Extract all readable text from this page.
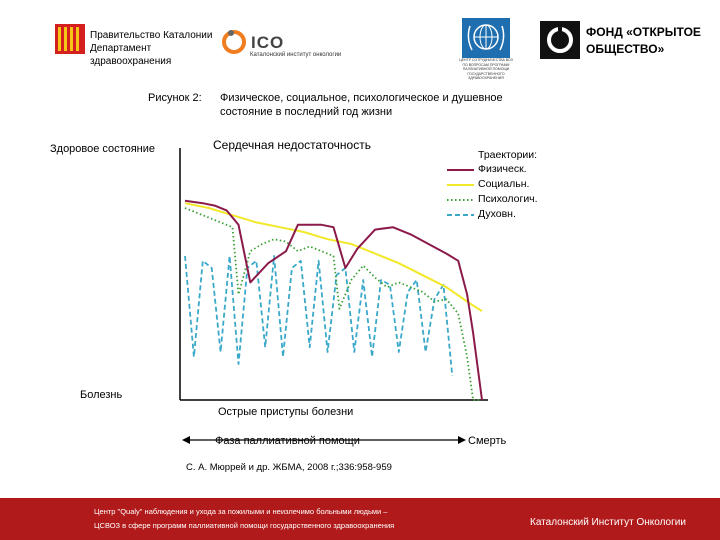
Правительство Каталонии
Департамент
здравоохранения
ICO
Каталонский институт онкологии
ЦЕНТР СОТРУДНИЧЕСТВА ВОЗ
ПО ВОПРОСАМ ПРОГРАММ
ПАЛЛИАТИВНОЙ ПОМОЩИ
ГОСУДАРСТВЕННОГО
ЗДРАВООХРАНЕНИЯ
ФОНД «ОТКРЫТОЕ
ОБЩЕСТВО»
Рисунок 2: Физическое, социальное, психологическое и душевное
состояние в последний год жизни
Здоровое состояние
Болезнь
Сердечная недостаточность
Траектории:
Физическ.
Социальн.
Психологич.
Духовн.
Острые приступы болезни
Фаза паллиативной помощи	Смерть
С. А. Мюррей и др. ЖБМА, 2008 г.;336:958-959
Центр "Qualy" наблюдения и ухода за пожилыми и неизлечимо больными людьми –
ЦСВОЗ в сфере программ паллиативной помощи государственного здравоохранения	Каталонский Институт Онкологии
